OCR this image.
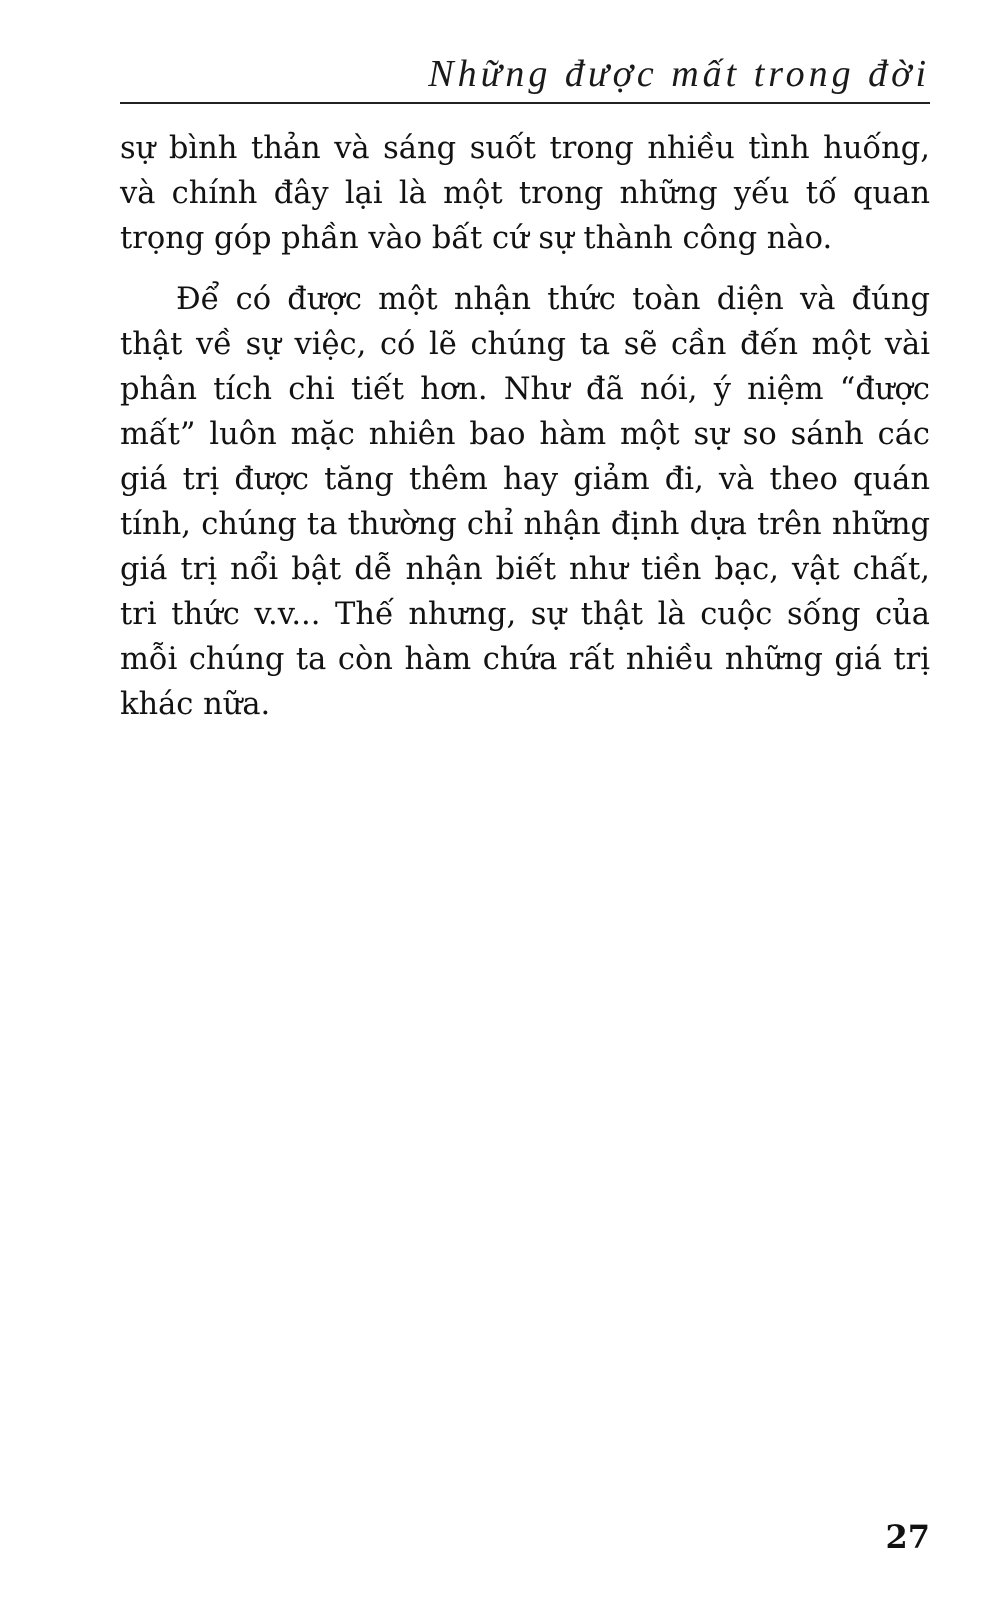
Những được mất trong đời

sự bình thản và sáng suốt trong nhiều tình huống, và chính đây lại là một trong những yếu tố quan trọng góp phần vào bất cứ sự thành công nào.

Để có được một nhận thức toàn diện và đúng thật về sự việc, có lẽ chúng ta sẽ cần đến một vài phân tích chi tiết hơn. Như đã nói, ý niệm “được mất” luôn mặc nhiên bao hàm một sự so sánh các giá trị được tăng thêm hay giảm đi, và theo quán tính, chúng ta thường chỉ nhận định dựa trên những giá trị nổi bật dễ nhận biết như tiền bạc, vật chất, tri thức v.v... Thế nhưng, sự thật là cuộc sống của mỗi chúng ta còn hàm chứa rất nhiều những giá trị khác nữa.

27
